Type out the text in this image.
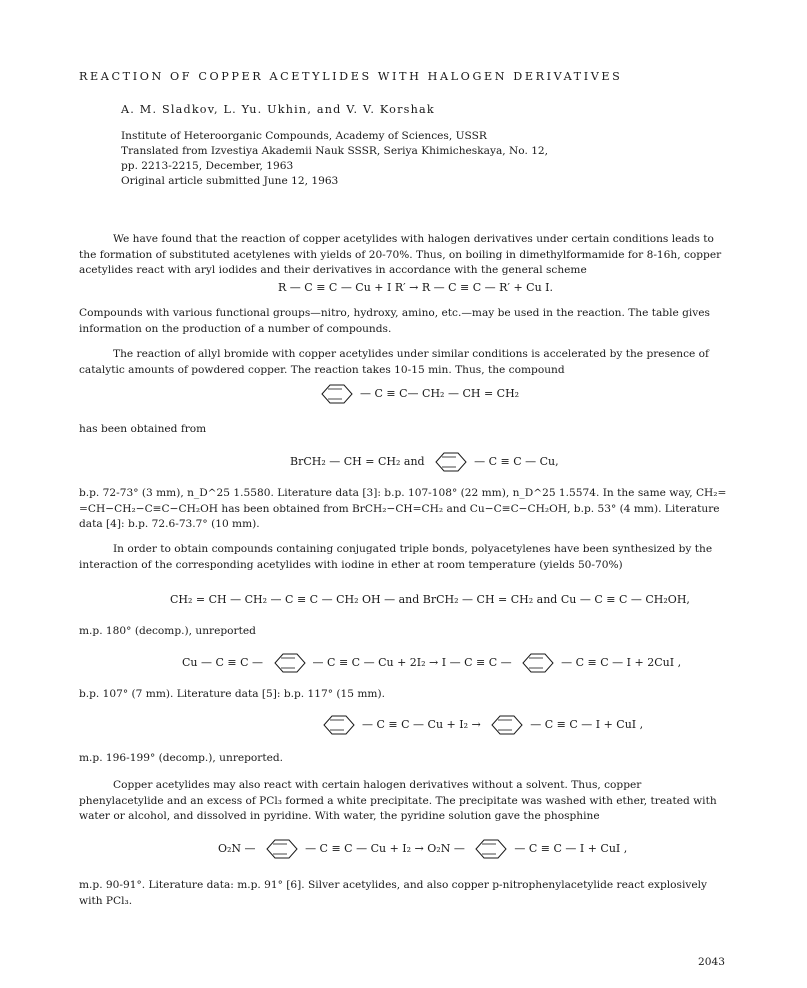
REACTION OF COPPER ACETYLIDES WITH HALOGEN DERIVATIVES
A. M. Sladkov, L. Yu. Ukhin, and V. V. Korshak
Institute of Heteroorganic Compounds, Academy of Sciences, USSR
Translated from Izvestiya Akademii Nauk SSSR, Seriya Khimicheskaya, No. 12,
pp. 2213-2215, December, 1963
Original article submitted June 12, 1963
We have found that the reaction of copper acetylides with halogen derivatives under certain conditions leads to the formation of substituted acetylenes with yields of 20-70%. Thus, on boiling in dimethylformamide for 8-16h, copper acetylides react with aryl iodides and their derivatives in accordance with the general scheme
R — C ≡ C — Cu + I R′ → R — C ≡ C — R′ + Cu I.
Compounds with various functional groups—nitro, hydroxy, amino, etc.—may be used in the reaction. The table gives information on the production of a number of compounds.
The reaction of allyl bromide with copper acetylides under similar conditions is accelerated by the presence of catalytic amounts of powdered copper. The reaction takes 10-15 min. Thus, the compound
— C ≡ C— CH₂ — CH = CH₂
has been obtained from
BrCH₂ — CH = CH₂ and	— C ≡ C — Cu,
b.p. 72-73° (3 mm), n_D^25 1.5580. Literature data [3]: b.p. 107-108° (22 mm), n_D^25 1.5574. In the same way, CH₂= =CH−CH₂−C≡C−CH₂OH has been obtained from BrCH₂−CH=CH₂ and Cu−C≡C−CH₂OH, b.p. 53° (4 mm). Literature data [4]: b.p. 72.6-73.7° (10 mm).
In order to obtain compounds containing conjugated triple bonds, polyacetylenes have been synthesized by the interaction of the corresponding acetylides with iodine in ether at room temperature (yields 50-70%)
CH₂ = CH — CH₂ — C ≡ C — CH₂ OH — and BrCH₂ — CH = CH₂ and Cu — C ≡ C — CH₂OH,
m.p. 180° (decomp.), unreported
Cu — C ≡ C —	— C ≡ C — Cu + 2I₂ → I — C ≡ C —	— C ≡ C — I + 2CuI ,
b.p. 107° (7 mm). Literature data [5]: b.p. 117° (15 mm).
— C ≡ C — Cu + I₂ →	— C ≡ C — I + CuI ,
m.p. 196-199° (decomp.), unreported.
Copper acetylides may also react with certain halogen derivatives without a solvent. Thus, copper phenylacetylide and an excess of PCl₃ formed a white precipitate. The precipitate was washed with ether, treated with water or alcohol, and dissolved in pyridine. With water, the pyridine solution gave the phosphine
O₂N —	— C ≡ C — Cu + I₂ → O₂N —	— C ≡ C — I + CuI ,
m.p. 90-91°. Literature data: m.p. 91° [6]. Silver acetylides, and also copper p-nitrophenylacetylide react explosively with PCl₃.
2043
